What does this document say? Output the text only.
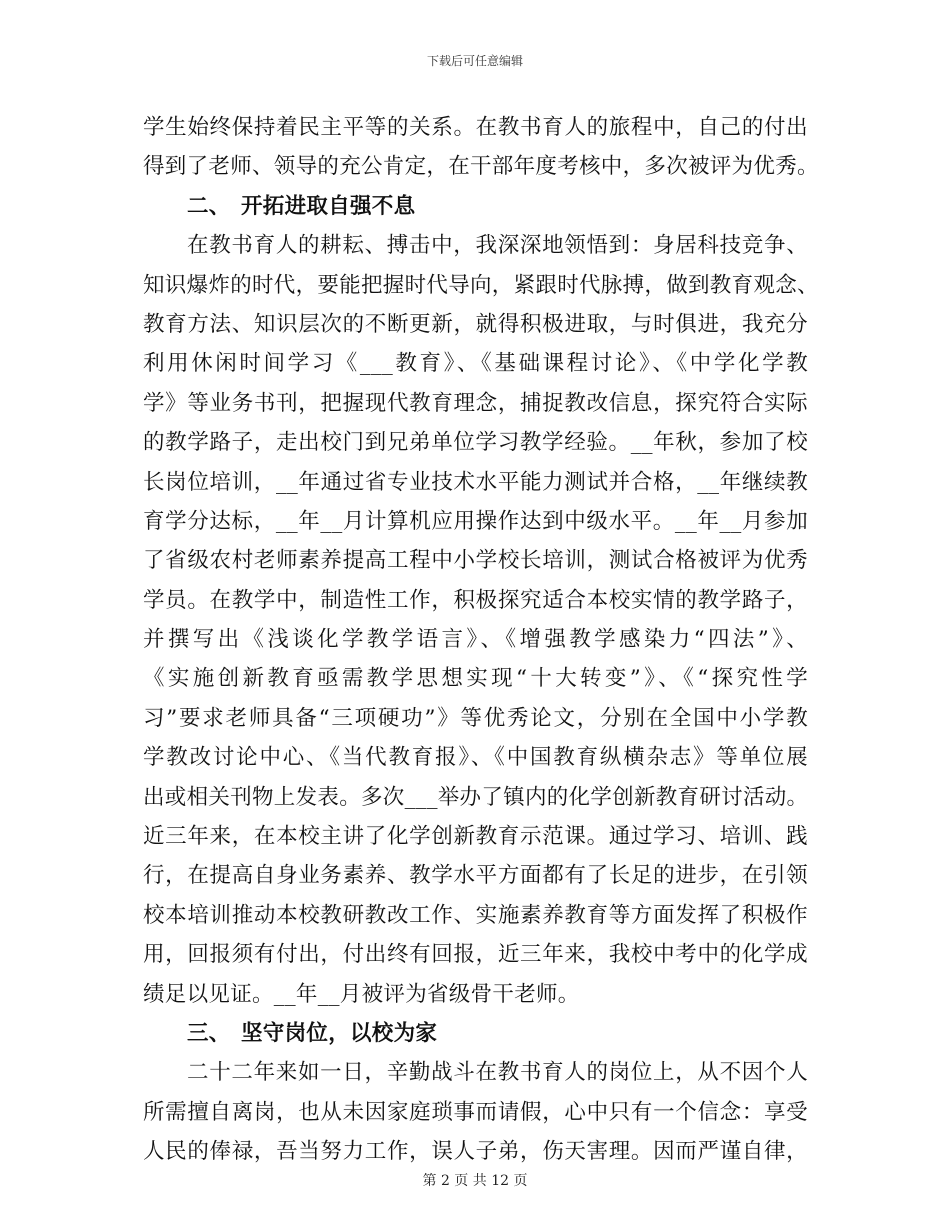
下载后可任意编辑
学生始终保持着民主平等的关系。在教书育人的旅程中，自己的付出
得到了老师、领导的充公肯定，在干部年度考核中，多次被评为优秀。
二、 开拓进取自强不息
在教书育人的耕耘、搏击中，我深深地领悟到：身居科技竞争、
知识爆炸的时代，要能把握时代导向，紧跟时代脉搏，做到教育观念、
教育方法、知识层次的不断更新，就得积极进取，与时俱进，我充分
利用休闲时间学习《___教育》、《基础课程讨论》、《中学化学教
学》等业务书刊，把握现代教育理念，捕捉教改信息，探究符合实际
的教学路子，走出校门到兄弟单位学习教学经验。__年秋，参加了校
长岗位培训，__年通过省专业技术水平能力测试并合格，__年继续教
育学分达标，__年__月计算机应用操作达到中级水平。__年__月参加
了省级农村老师素养提高工程中小学校长培训，测试合格被评为优秀
学员。在教学中，制造性工作，积极探究适合本校实情的教学路子，
并撰写出《浅谈化学教学语言》、《增强教学感染力“四法”》、
《实施创新教育亟需教学思想实现“十大转变”》、《“探究性学
习”要求老师具备“三项硬功”》等优秀论文，分别在全国中小学教
学教改讨论中心、《当代教育报》、《中国教育纵横杂志》等单位展
出或相关刊物上发表。多次___举办了镇内的化学创新教育研讨活动。
近三年来，在本校主讲了化学创新教育示范课。通过学习、培训、践
行，在提高自身业务素养、教学水平方面都有了长足的进步，在引领
校本培训推动本校教研教改工作、实施素养教育等方面发挥了积极作
用，回报须有付出，付出终有回报，近三年来，我校中考中的化学成
绩足以见证。__年__月被评为省级骨干老师。
三、 坚守岗位，以校为家
二十二年来如一日，辛勤战斗在教书育人的岗位上，从不因个人
所需擅自离岗，也从未因家庭琐事而请假，心中只有一个信念：享受
人民的俸禄，吾当努力工作，误人子弟，伤天害理。因而严谨自律，
第 2 页 共 12 页
